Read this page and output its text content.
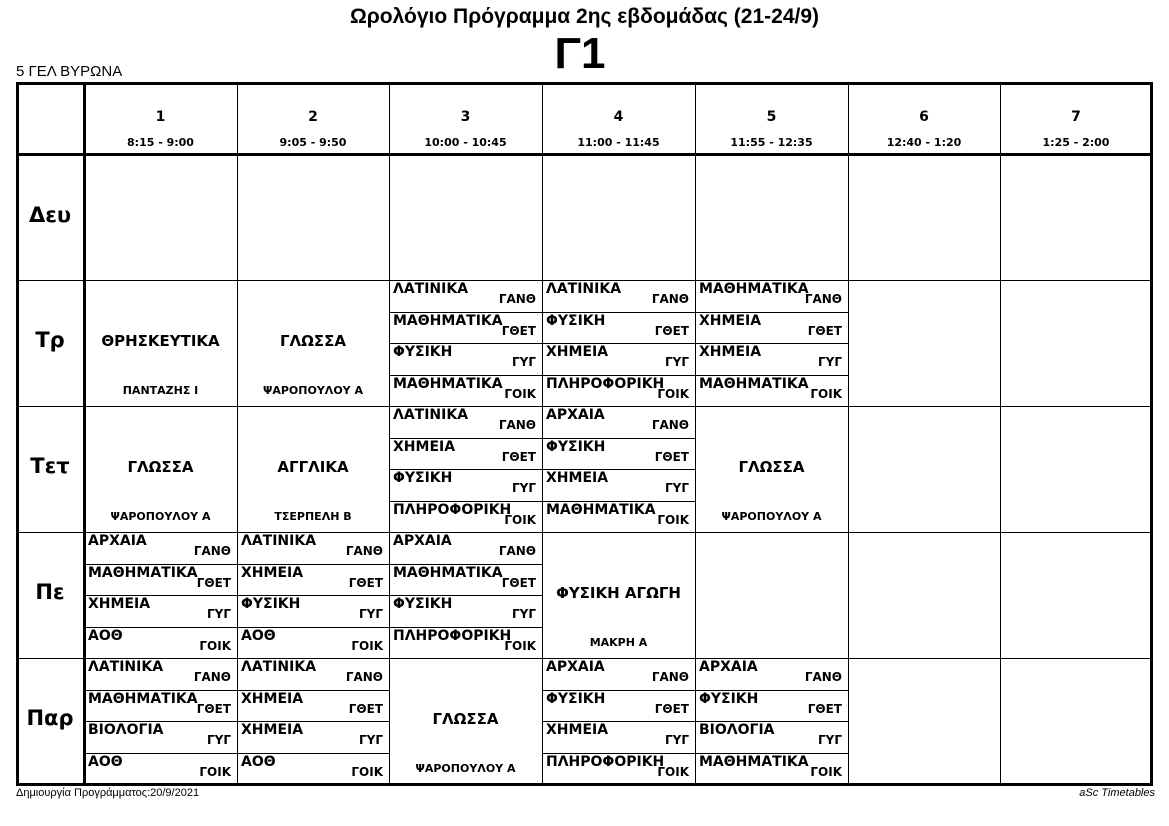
Ωρολόγιο Πρόγραμμα 2ης εβδομάδας (21-24/9)
Γ1
5 ΓΕΛ ΒΥΡΩΝΑ
1
8:15 - 9:00
2
9:05 - 9:50
3
10:00 - 10:45
4
11:00 - 11:45
5
11:55 - 12:35
6
12:40 - 1:20
7
1:25 - 2:00
Δευ
Τρ
Τετ
Πε
Παρ
ΘΡΗΣΚΕΥΤΙΚΑ
ΠΑΝΤΑΖΗΣ Ι
ΓΛΩΣΣΑ
ΨΑΡΟΠΟΥΛΟΥ Α
ΛΑΤΙΝΙΚΑ
ΓΑΝΘ
ΜΑΘΗΜΑΤΙΚΑ
ΓΘΕΤ
ΦΥΣΙΚΗ
ΓΥΓ
ΜΑΘΗΜΑΤΙΚΑ
ΓΟΙΚ
ΛΑΤΙΝΙΚΑ
ΓΑΝΘ
ΦΥΣΙΚΗ
ΓΘΕΤ
ΧΗΜΕΙΑ
ΓΥΓ
ΠΛΗΡΟΦΟΡΙΚΗ
ΓΟΙΚ
ΜΑΘΗΜΑΤΙΚΑ
ΓΑΝΘ
ΧΗΜΕΙΑ
ΓΘΕΤ
ΧΗΜΕΙΑ
ΓΥΓ
ΜΑΘΗΜΑΤΙΚΑ
ΓΟΙΚ
ΓΛΩΣΣΑ
ΨΑΡΟΠΟΥΛΟΥ Α
ΑΓΓΛΙΚΑ
ΤΣΕΡΠΕΛΗ Β
ΛΑΤΙΝΙΚΑ
ΓΑΝΘ
ΧΗΜΕΙΑ
ΓΘΕΤ
ΦΥΣΙΚΗ
ΓΥΓ
ΠΛΗΡΟΦΟΡΙΚΗ
ΓΟΙΚ
ΑΡΧΑΙΑ
ΓΑΝΘ
ΦΥΣΙΚΗ
ΓΘΕΤ
ΧΗΜΕΙΑ
ΓΥΓ
ΜΑΘΗΜΑΤΙΚΑ
ΓΟΙΚ
ΓΛΩΣΣΑ
ΨΑΡΟΠΟΥΛΟΥ Α
ΑΡΧΑΙΑ
ΓΑΝΘ
ΜΑΘΗΜΑΤΙΚΑ
ΓΘΕΤ
ΧΗΜΕΙΑ
ΓΥΓ
ΑΟΘ
ΓΟΙΚ
ΛΑΤΙΝΙΚΑ
ΓΑΝΘ
ΧΗΜΕΙΑ
ΓΘΕΤ
ΦΥΣΙΚΗ
ΓΥΓ
ΑΟΘ
ΓΟΙΚ
ΑΡΧΑΙΑ
ΓΑΝΘ
ΜΑΘΗΜΑΤΙΚΑ
ΓΘΕΤ
ΦΥΣΙΚΗ
ΓΥΓ
ΠΛΗΡΟΦΟΡΙΚΗ
ΓΟΙΚ
ΦΥΣΙΚΗ ΑΓΩΓΗ
ΜΑΚΡΗ Α
ΛΑΤΙΝΙΚΑ
ΓΑΝΘ
ΜΑΘΗΜΑΤΙΚΑ
ΓΘΕΤ
ΒΙΟΛΟΓΙΑ
ΓΥΓ
ΑΟΘ
ΓΟΙΚ
ΛΑΤΙΝΙΚΑ
ΓΑΝΘ
ΧΗΜΕΙΑ
ΓΘΕΤ
ΧΗΜΕΙΑ
ΓΥΓ
ΑΟΘ
ΓΟΙΚ
ΓΛΩΣΣΑ
ΨΑΡΟΠΟΥΛΟΥ Α
ΑΡΧΑΙΑ
ΓΑΝΘ
ΦΥΣΙΚΗ
ΓΘΕΤ
ΧΗΜΕΙΑ
ΓΥΓ
ΠΛΗΡΟΦΟΡΙΚΗ
ΓΟΙΚ
ΑΡΧΑΙΑ
ΓΑΝΘ
ΦΥΣΙΚΗ
ΓΘΕΤ
ΒΙΟΛΟΓΙΑ
ΓΥΓ
ΜΑΘΗΜΑΤΙΚΑ
ΓΟΙΚ
Δημιουργία Προγράμματος:20/9/2021	aSc Timetables
